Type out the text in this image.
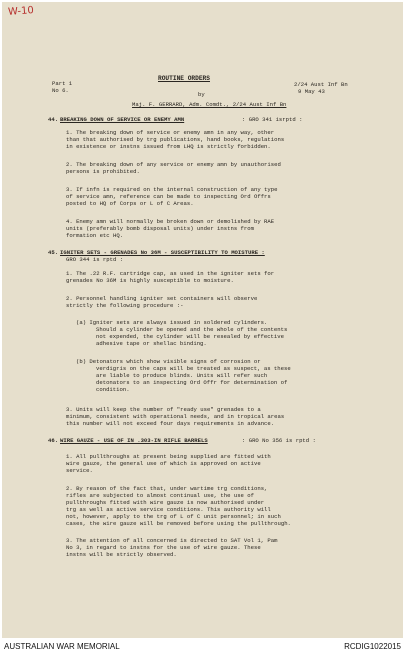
W-10

ROUTINE ORDERS

Part 1

No 6.

2/24 Aust Inf Bn

9 May 43

by

Maj. F. GERRARD, Adm. Comdt., 2/24 Aust Inf Bn

44. BREAKING DOWN OF SERVICE OR ENEMY AMN	: GRO 341 isrptd :

1. The breaking down of service or enemy amn in any way, other

than that authorised by trg publications, hand books, regulations

in existence or instns issued from LHQ is strictly forbidden.

2. The breaking down of any service or enemy amn by unauthorised

persons is prohibited.

3. If infn is required on the internal construction of any type

of service amn, reference can be made to inspecting Ord Offrs

posted to HQ of Corps or L of C Areas.

4. Enemy amn will normally be broken down or demolished by RAE

units (preferably bomb disposal units) under instns from

formation etc HQ.

45. IGNITER SETS - GRENADES No 36M - SUSCEPTIBILITY TO MOISTURE :

GRO 344 is rptd :

1. The .22 R.F. cartridge cap, as used in the igniter sets for

grenades No 36M is highly susceptible to moisture.

2. Personnel handling igniter set containers will observe

strictly the following procedure :-

(a) Igniter sets are always issued in soldered cylinders.

Should a cylinder be opened and the whole of the contents

not expended, the cylinder will be resealed by effective

adhesive tape or shellac binding.

(b) Detonators which show visible signs of corrosion or

verdigris on the caps will be treated as suspect, as these

are liable to produce blinds. Units will refer such

detonators to an inspecting Ord Offr for determination of

condition.

3. Units will keep the number of "ready use" grenades to a

minimum, consistent with operational needs, and in tropical areas

this number will not exceed four days requirements in advance.

46. WIRE GAUZE - USE OF IN .303-IN RIFLE BARRELS	: GRO No 356 is rptd :

1. All pullthroughs at present being supplied are fitted with

wire gauze, the general use of which is approved on active

service.

2. By reason of the fact that, under wartime trg conditions,

rifles are subjected to almost continual use, the use of

pullthroughs fitted with wire gauze is now authorised under

trg as well as active service conditions. This authority will

not, however, apply to the trg of L of C unit personnel; in such

cases, the wire gauze will be removed before using the pullthrough.

3. The attention of all concerned is directed to SAT Vol 1, Pam

No 3, in regard to instns for the use of wire gauze. These

instns will be strictly observed.

AUSTRALIAN WAR MEMORIAL	RCDIG1022015
